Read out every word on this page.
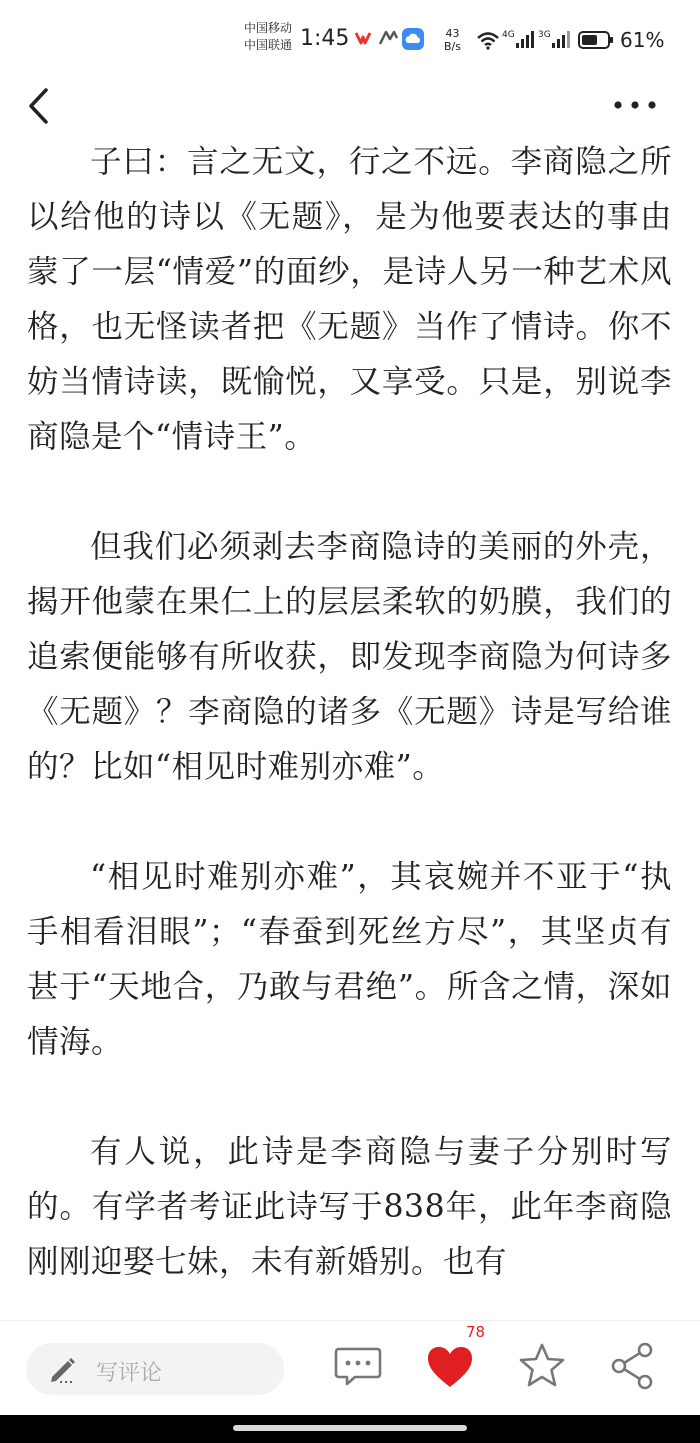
中国移动
中国联通 1:45	43
B/s
4G	3G	61%

子曰：言之无文，行之不远。李商隐之所以给他的诗以《无题》，是为他要表达的事由蒙了一层“情爱”的面纱，是诗人另一种艺术风格，也无怪读者把《无题》当作了情诗。你不妨当情诗读，既愉悦，又享受。只是，别说李商隐是个“情诗王”。

但我们必须剥去李商隐诗的美丽的外壳，揭开他蒙在果仁上的层层柔软的奶膜，我们的追索便能够有所收获，即发现李商隐为何诗多《无题》？李商隐的诸多《无题》诗是写给谁的？比如“相见时难别亦难”。

“相见时难别亦难”，其哀婉并不亚于“执手相看泪眼”；“春蚕到死丝方尽”，其坚贞有甚于“天地合，乃敢与君绝”。所含之情，深如情海。

有人说，此诗是李商隐与妻子分别时写的。有学者考证此诗写于838年，此年李商隐刚刚迎娶七妹，未有新婚别。也有

写评论
78
